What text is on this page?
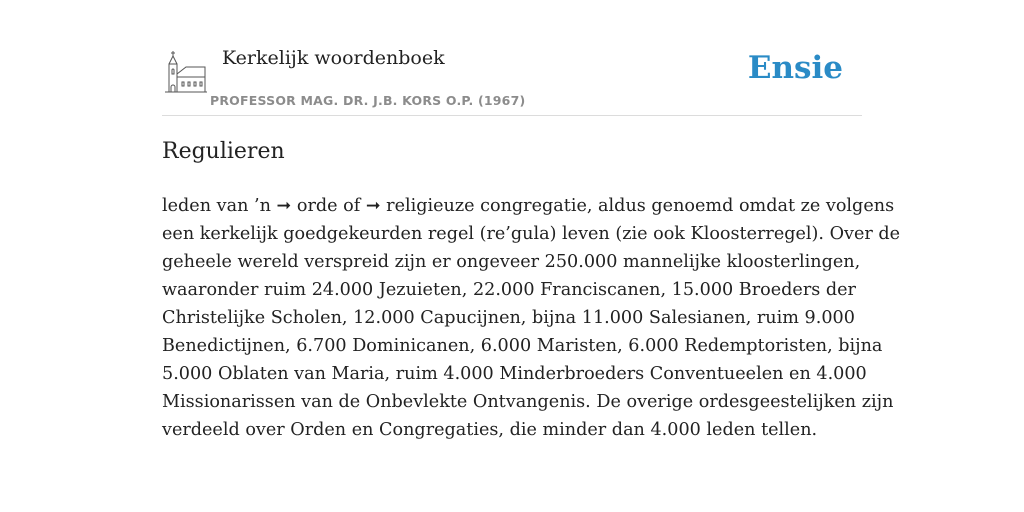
Kerkelijk woordenboek
PROFESSOR MAG. DR. J.B. KORS O.P. (1967)
Ensie
Regulieren
leden van ’n ➞ orde of ➞ religieuze congregatie, aldus genoemd omdat ze volgens
een kerkelijk goedgekeurden regel (re’gula) leven (zie ook Kloosterregel). Over de
geheele wereld verspreid zijn er ongeveer 250.000 mannelijke kloosterlingen,
waaronder ruim 24.000 Jezuieten, 22.000 Franciscanen, 15.000 Broeders der
Christelijke Scholen, 12.000 Capucijnen, bijna 11.000 Salesianen, ruim 9.000
Benedictijnen, 6.700 Dominicanen, 6.000 Maristen, 6.000 Redemptoristen, bijna
5.000 Oblaten van Maria, ruim 4.000 Minderbroeders Conventueelen en 4.000
Missionarissen van de Onbevlekte Ontvangenis. De overige ordesgeestelijken zijn
verdeeld over Orden en Congregaties, die minder dan 4.000 leden tellen.
